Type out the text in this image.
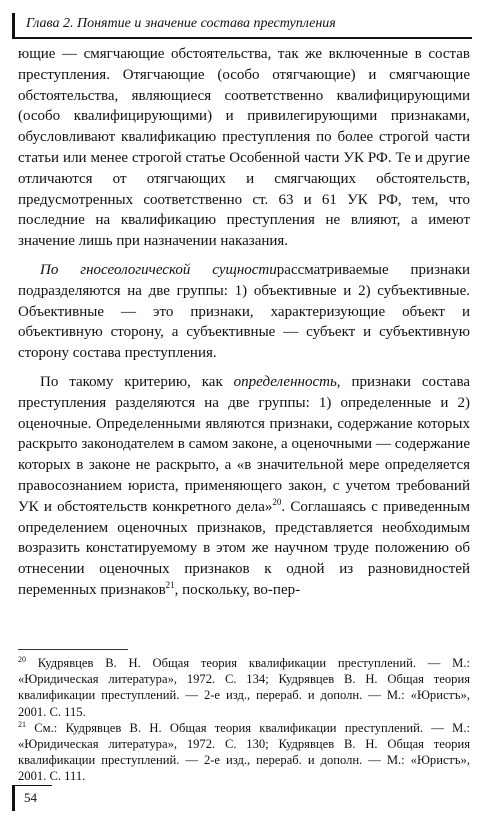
Глава 2. Понятие и значение состава преступления

ющие — смягчающие обстоятельства, так же включенные в состав преступления. Отягчающие (особо отягчающие) и смягчающие обстоятельства, являющиеся соответственно квалифицирующими (особо квалифицирующими) и привилегирующими признаками, обусловливают квалификацию преступления по более строгой части статьи или менее строгой статье Особенной части УК РФ. Те и другие отличаются от отягчающих и смягчающих обстоятельств, предусмотренных соответственно ст. 63 и 61 УК РФ, тем, что последние на квалификацию преступления не влияют, а имеют значение лишь при назначении наказания.

По гносеологической сущностирассматриваемые признаки подразделяются на две группы: 1) объективные и 2) субъективные. Объективные — это признаки, характеризующие объект и объективную сторону, а субъективные — субъект и субъективную сторону состава преступления.

По такому критерию, как определенность, признаки состава преступления разделяются на две группы: 1) определенные и 2) оценочные. Определенными являются признаки, содержание которых раскрыто законодателем в самом законе, а оценочными — содержание которых в законе не раскрыто, а «в значительной мере определяется правосознанием юриста, применяющего закон, с учетом требований УК и обстоятельств конкретного дела»$^{20}$. Соглашаясь с приведенным определением оценочных признаков, представляется необходимым возразить констатируемому в этом же научном труде положению об отнесении оценочных признаков к одной из разновидностей переменных признаков$^{21}$, поскольку, во-пер-

$^{20}$ Кудрявцев В. Н. Общая теория квалификации преступлений. — М.: «Юридическая литература», 1972. С. 134; Кудрявцев В. Н. Общая теория квалификации преступлений. — 2-е изд., перераб. и дополн. — М.: «Юристъ», 2001. С. 115.

$^{21}$ См.: Кудрявцев В. Н. Общая теория квалификации преступлений. — М.: «Юридическая литература», 1972. С. 130; Кудрявцев В. Н. Общая теория квалификации преступлений. — 2-е изд., перераб. и дополн. — М.: «Юристъ», 2001. С. 111.

54
